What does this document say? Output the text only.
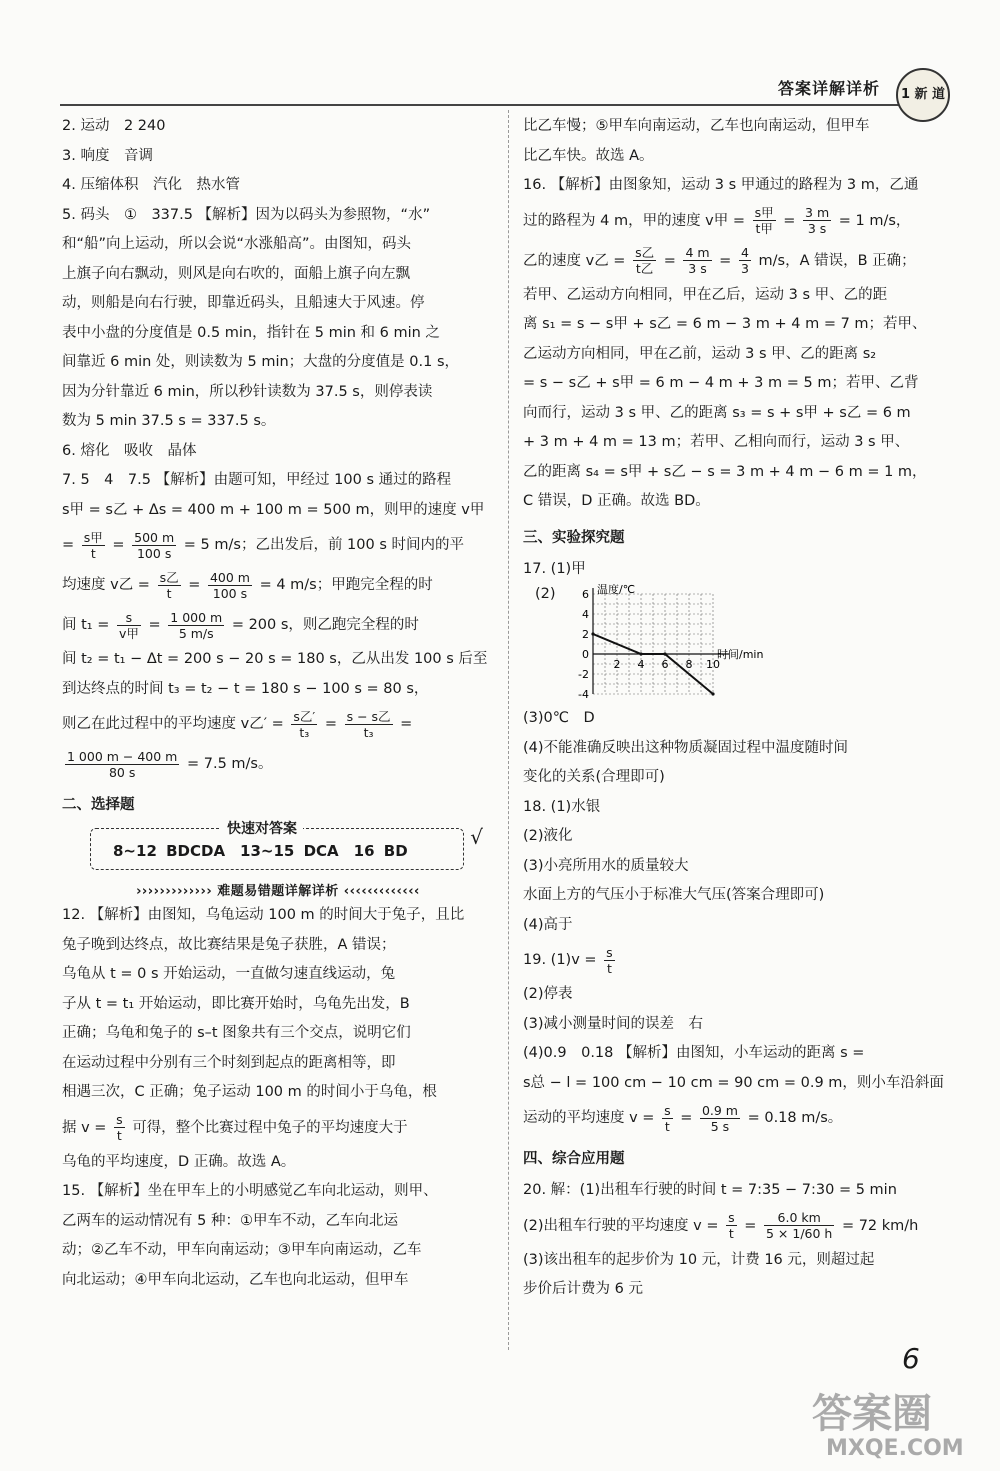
答案详解详析	1 新 道

2. 运动　2 240

3. 响度　音调

4. 压缩体积　汽化　热水管

5. 码头　①　337.5 【解析】因为以码头为参照物，“水”

和“船”向上运动，所以会说“水涨船高”。由图知，码头

上旗子向右飘动，则风是向右吹的，面船上旗子向左飘

动，则船是向右行驶，即靠近码头，且船速大于风速。停

表中小盘的分度值是 0.5 min，指针在 5 min 和 6 min 之

间靠近 6 min 处，则读数为 5 min；大盘的分度值是 0.1 s，

因为分针靠近 6 min，所以秒针读数为 37.5 s，则停表读

数为 5 min 37.5 s = 337.5 s。

6. 熔化　吸收　晶体

7. 5　4　7.5 【解析】由题可知，甲经过 100 s 通过的路程

s甲 = s乙 + Δs = 400 m + 100 m = 500 m，则甲的速度 v甲

= $\frac{\text{s甲}}{t} = \frac{500 m}{100 s} = 5$ m/s；乙出发后，前 100 s 时间内的平

均速度 v乙 = $\frac{\text{s乙}}{t} = \frac{400 m}{100 s} = 4$ m/s；甲跑完全程的时

间 $t_1 = \frac{s}{\text{v甲}} = \frac{1 000 m}{5 m/s} = 200$ s，则乙跑完全程的时

间 t₂ = t₁ − Δt = 200 s − 20 s = 180 s，乙从出发 100 s 后至

到达终点的时间 t₃ = t₂ − t = 180 s − 100 s = 80 s，

则乙在此过程中的平均速度 v乙′ = $\frac{\text{s乙′}}{\text{t₃}} = \frac{\text{s − s乙}}{\text{t₃}}$ =

$\frac{1 000 m - 400 m}{80 s} = 7.5$ m/s。

二、选择题

快速对答案
8~12 BDCDA　13~15 DCA　16 BD
√

››››››››››››› 难题易错题详解详析 ‹‹‹‹‹‹‹‹‹‹‹‹‹

12. 【解析】由图知，乌龟运动 100 m 的时间大于兔子，且比

兔子晚到达终点，故比赛结果是兔子获胜，A 错误；

乌龟从 t = 0 s 开始运动，一直做匀速直线运动，兔

子从 t = t₁ 开始运动，即比赛开始时，乌龟先出发，B

正确；乌龟和兔子的 s–t 图象共有三个交点，说明它们

在运动过程中分别有三个时刻到起点的距离相等，即

相遇三次，C 正确；兔子运动 100 m 的时间小于乌龟，根

据 $v = \frac{s}{t}$ 可得，整个比赛过程中兔子的平均速度大于

乌龟的平均速度，D 正确。故选 A。

15. 【解析】坐在甲车上的小明感觉乙车向北运动，则甲、

乙两车的运动情况有 5 种：①甲车不动，乙车向北运

动；②乙车不动，甲车向南运动；③甲车向南运动，乙车

向北运动；④甲车向北运动，乙车也向北运动，但甲车

比乙车慢；⑤甲车向南运动，乙车也向南运动，但甲车

比乙车快。故选 A。

16. 【解析】由图象知，运动 3 s 甲通过的路程为 3 m，乙通

过的路程为 4 m，甲的速度 v甲 = $\frac{\text{s甲}}{\text{t甲}} = \frac{3 m}{3 s} = 1$ m/s，

乙的速度 v乙 = $\frac{\text{s乙}}{\text{t乙}} = \frac{4 m}{3 s} = \frac{4}{3} m/s$，A 错误，B 正确；

若甲、乙运动方向相同，甲在乙后，运动 3 s 甲、乙的距

离 s₁ = s − s甲 + s乙 = 6 m − 3 m + 4 m = 7 m；若甲、

乙运动方向相同，甲在乙前，运动 3 s 甲、乙的距离 s₂

= s − s乙 + s甲 = 6 m − 4 m + 3 m = 5 m；若甲、乙背

向而行，运动 3 s 甲、乙的距离 s₃ = s + s甲 + s乙 = 6 m

+ 3 m + 4 m = 13 m；若甲、乙相向而行，运动 3 s 甲、

乙的距离 s₄ = s甲 + s乙 − s = 3 m + 4 m − 6 m = 1 m，

C 错误，D 正确。故选 BD。

三、实验探究题

17. (1)甲

(2) 6
4
2
0
-2
-4
2 4 6 8 10
温度/℃
时间/min

(3)0℃　D

(4)不能准确反映出这种物质凝固过程中温度随时间

变化的关系(合理即可)

18. (1)水银

(2)液化

(3)小亮所用水的质量较大

水面上方的气压小于标准大气压(答案合理即可)

(4)高于

19. $(1)v = \frac{s}{t}$

(2)停表

(3)减小测量时间的误差　右

(4)0.9　0.18 【解析】由图知，小车运动的距离 s =

s总 − l = 100 cm − 10 cm = 90 cm = 0.9 m，则小车沿斜面

运动的平均速度 $v = \frac{s}{t} = \frac{0.9 m}{5 s} = 0.18$ m/s。

四、综合应用题

20. 解：(1)出租车行驶的时间 t = 7:35 − 7:30 = 5 min

(2)出租车行驶的平均速度 $v = \frac{s}{t} = \frac{6.0 km}{5 \times 1/60 h} = 72$ km/h

(3)该出租车的起步价为 10 元，计费 16 元，则超过起

步价后计费为 6 元

6
答案圈
MXQE.COM
